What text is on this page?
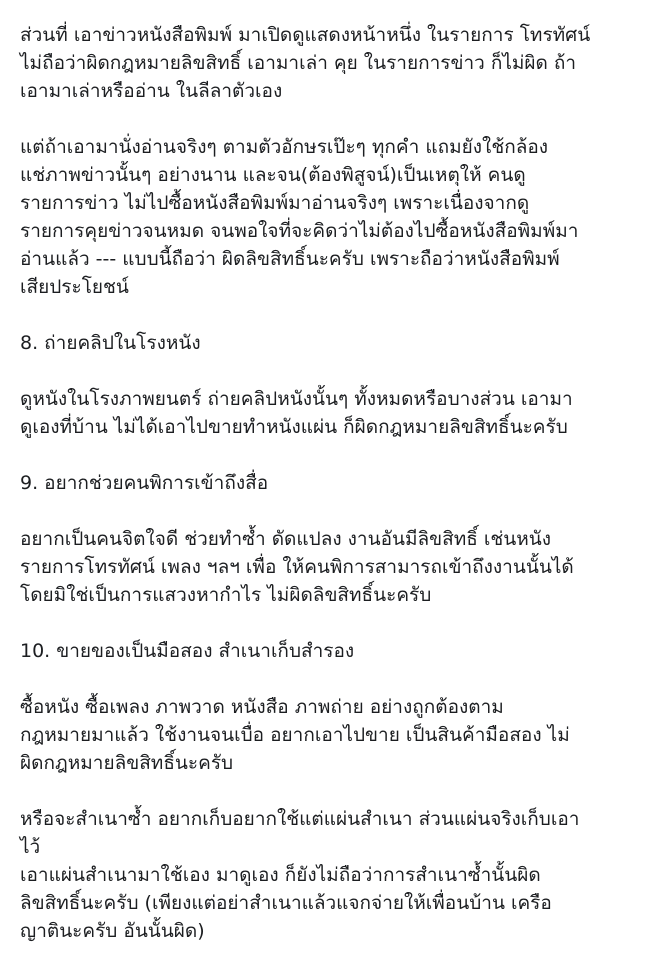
ส่วนที่ เอาข่าวหนังสือพิมพ์ มาเปิดดูแสดงหน้าหนึ่ง ในรายการ โทรทัศน์
ไม่ถือว่าผิดกฎหมายลิขสิทธิ์ เอามาเล่า คุย ในรายการข่าว ก็ไม่ผิด ถ้า
เอามาเล่าหรืออ่าน ในลีลาตัวเอง
แต่ถ้าเอามานั่งอ่านจริงๆ ตามตัวอักษรเป๊ะๆ ทุกคำ แถมยังใช้กล้อง
แช่ภาพข่าวนั้นๆ อย่างนาน และจน(ต้องพิสูจน์)เป็นเหตุให้ คนดู
รายการข่าว ไม่ไปซื้อหนังสือพิมพ์มาอ่านจริงๆ เพราะเนื่องจากดู
รายการคุยข่าวจนหมด จนพอใจที่จะคิดว่าไม่ต้องไปซื้อหนังสือพิมพ์มา
อ่านแล้ว --- แบบนี้ถือว่า ผิดลิขสิทธิ์นะครับ เพราะถือว่าหนังสือพิมพ์
เสียประโยชน์
8. ถ่ายคลิปในโรงหนัง
ดูหนังในโรงภาพยนตร์ ถ่ายคลิปหนังนั้นๆ ทั้งหมดหรือบางส่วน เอามา
ดูเองที่บ้าน ไม่ได้เอาไปขายทำหนังแผ่น ก็ผิดกฎหมายลิขสิทธิ์นะครับ
9. อยากช่วยคนพิการเข้าถึงสื่อ
อยากเป็นคนจิตใจดี ช่วยทำซ้ำ ดัดแปลง งานอันมีลิขสิทธิ์ เช่นหนัง
รายการโทรทัศน์ เพลง ฯลฯ เพื่อ ให้คนพิการสามารถเข้าถึงงานนั้นได้
โดยมิใช่เป็นการแสวงหากำไร ไม่ผิดลิขสิทธิ์นะครับ
10. ขายของเป็นมือสอง สำเนาเก็บสำรอง
ซื้อหนัง ซื้อเพลง ภาพวาด หนังสือ ภาพถ่าย อย่างถูกต้องตาม
กฎหมายมาแล้ว ใช้งานจนเบื่อ อยากเอาไปขาย เป็นสินค้ามือสอง ไม่
ผิดกฎหมายลิขสิทธิ์นะครับ
หรือจะสำเนาซ้ำ อยากเก็บอยากใช้แต่แผ่นสำเนา ส่วนแผ่นจริงเก็บเอา
ไว้
เอาแผ่นสำเนามาใช้เอง มาดูเอง ก็ยังไม่ถือว่าการสำเนาซ้ำนั้นผิด
ลิขสิทธิ์นะครับ (เพียงแต่อย่าสำเนาแล้วแจกจ่ายให้เพื่อนบ้าน เครือ
ญาตินะครับ อันนั้นผิด)
